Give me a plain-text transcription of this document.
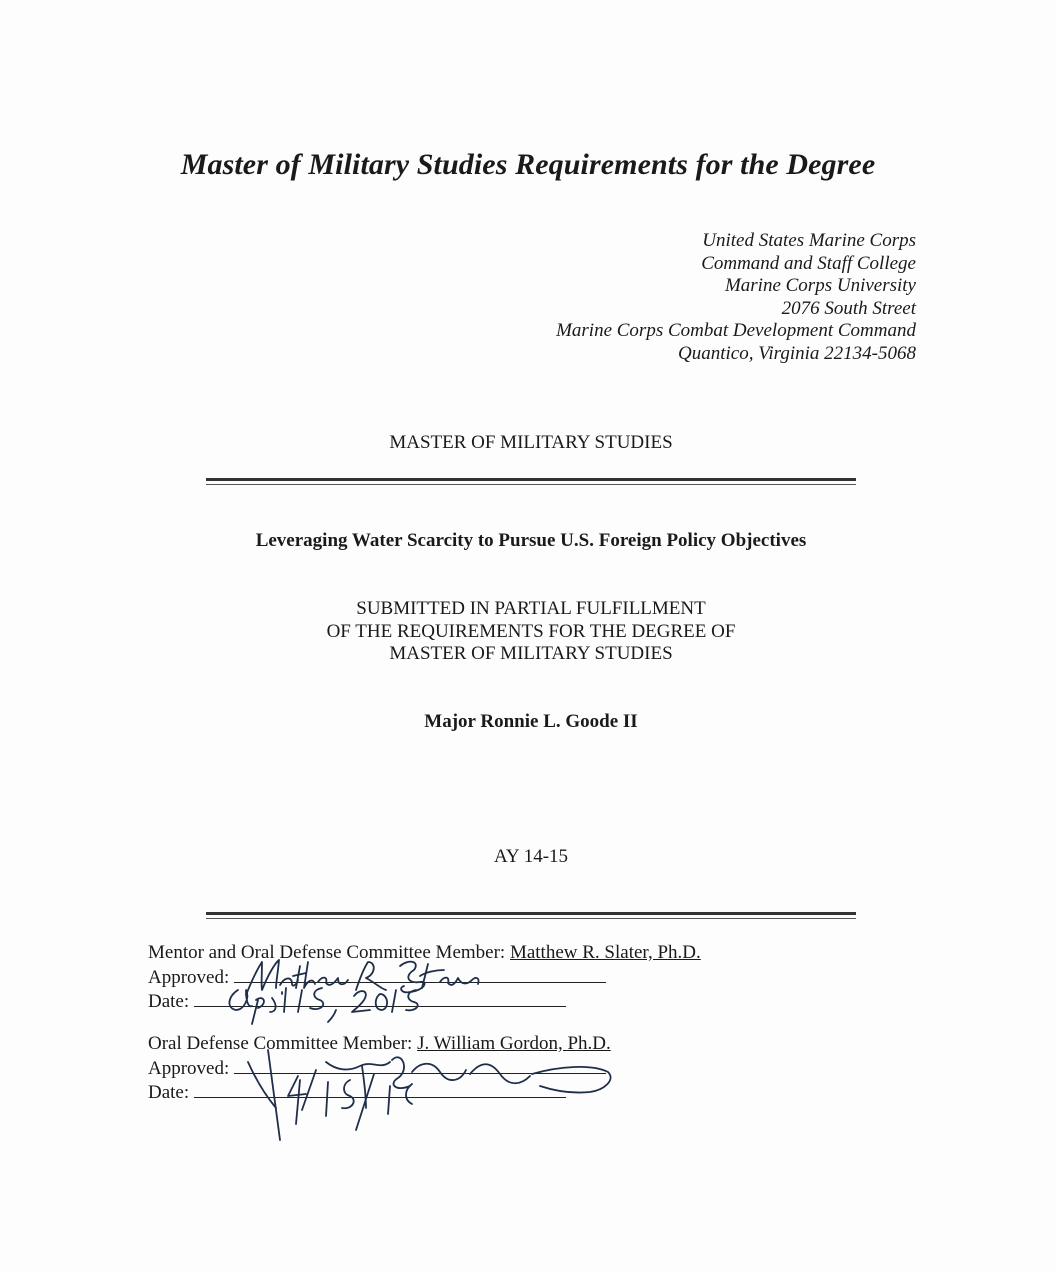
Master of Military Studies Requirements for the Degree
United States Marine Corps
Command and Staff College
Marine Corps University
2076 South Street
Marine Corps Combat Development Command
Quantico, Virginia 22134-5068
MASTER OF MILITARY STUDIES
Leveraging Water Scarcity to Pursue U.S. Foreign Policy Objectives
SUBMITTED IN PARTIAL FULFILLMENT
OF THE REQUIREMENTS FOR THE DEGREE OF
MASTER OF MILITARY STUDIES
Major Ronnie L. Goode II
AY 14-15
Mentor and Oral Defense Committee Member: Matthew R. Slater, Ph.D.
Approved:
Date:
Oral Defense Committee Member: J. William Gordon, Ph.D.
Approved:
Date:
